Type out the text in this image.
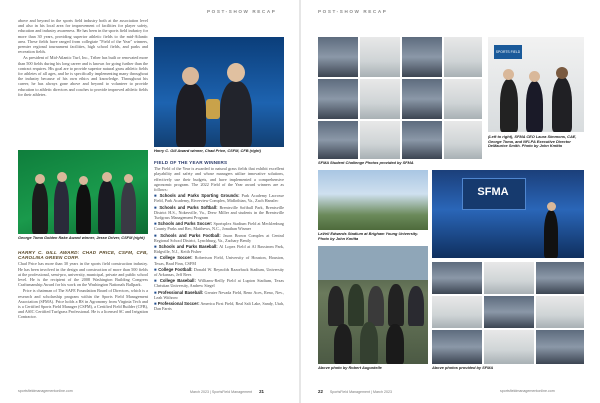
POST-SHOW RECAP	POST-SHOW RECAP

above and beyond in the sports field industry both at the association level and also in his local area for improvement of facilities for player safety, education and industry awareness. He has been in the sports field industry for more than 30 years, providing superior athletic fields to the mid-Atlantic area. These fields have ranged from collegiate "Field of the Year" winners, premier regional tournament facilities, high school fields, and parks and recreation fields.

As president of Mid-Atlantic Turf, Inc., Triber has built or renovated more than 500 fields during his long career and is known for going further than the contract requires. His goal are to provide superior natural grass athletic fields for athletes of all ages, and he is specifically implementing many throughout the industry because of his own ethics and knowledge. Throughout his career, he has always gone above and beyond to volunteer to provide education to athletic directors and coaches to provide improved athletic fields for their athletes.

George Toma Golden Rake Award winner, Jesse Driver, CSFM (right)
HARRY C. GILL AWARD: CHAD PRICE, CSFM, CFB, CAROLINA GREEN CORP.

Chad Price has more than 30 years in the sports field construction industry. He has been involved in the design and construction of more than 500 fields at the professional, semi-pro, university, municipal, private and public school level. He is the recipient of the 2008 Washington Building Congress Craftsmanship Award for his work on the Washington Nationals Ballpark.

Price is chairman of The SAFE Foundation Board of Directors, which is a research and scholarship program within the Sports Field Management Association (SFMA). Price holds a BS in Agronomy from Virginia Tech and is a Certified Sports Field Manager (CSFM), a Certified Field Builder (CFB), and ASIC Certified Turfgrass Professional. He is a licensed SC and Irrigation Contractor.

Harry C. Gill Award winner, Chad Price, CSFM, CFB (right)
FIELD OF THE YEAR WINNERS

The Field of the Year is awarded to natural grass fields that exhibit excellent playability and safety and whose managers utilize innovative solutions, effectively use their budgets, and have implemented a comprehensive agronomic program. The 2022 Field of the Year award winners are as follows:

■ Schools and Parks Sporting Grounds: Park Academy Lacrosse Field, Park Academy, Riverview Complex, Midlothian, Va., Zach Hanzlec

■ Schools and Parks Softball: Brentsville Softball Park, Brentsville District H.S., Nokesville, Va., Drew Miller and students in the Brentsville Turfgrass Management Program

■ Schools and Parks Soccer: Sportsplex Stadium Field at Mecklenburg County Parks and Rec, Matthews, N.C., Jonathan Wismer

■ Schools and Parks Football: Jason Brown Complex at Central Regional School District, Lynchburg, Va., Zachary Bently

■ Schools and Parks Baseball: Al Lopez Field at Al Baxstrom Park, Ridgville, N.J., Keith Fisher

■ College Soccer: Robertson Field, University of Houston, Houston, Texas, Brad Finn, CSFM

■ College Football: Donald W. Reynolds Razorback Stadium, University of Arkansas, Jeff Rees

■ College Baseball: Williams-Reilly Field at Lupton Stadium, Texas Christian University, Andrew Siegel

■ Professional Baseball: Greater Nevada Field, Reno Aces, Reno, Nev., Leah Withrow

■ Professional Soccer: America First Field, Real Salt Lake, Sandy, Utah, Dan Farris

sportsfieldmanagementonline.com	March 2023 | SportsField Management 21
SFMA Student Challenge Photos provided by SFMA
SPORTS FIELD
(Left to right), SFMA CEO Laura Simmons, CAE, George Toma, and NFLPA Executive Director DeMaurice Smith. Photo by John Kmitta
LaVell Edwards Stadium at Brigham Young University. Photo by John Kmitta
SFMA
Above photo by Robert Augustelle	Above photos provided by SFMA
22 SportsField Management | March 2023	sportsfieldmanagementonline.com
